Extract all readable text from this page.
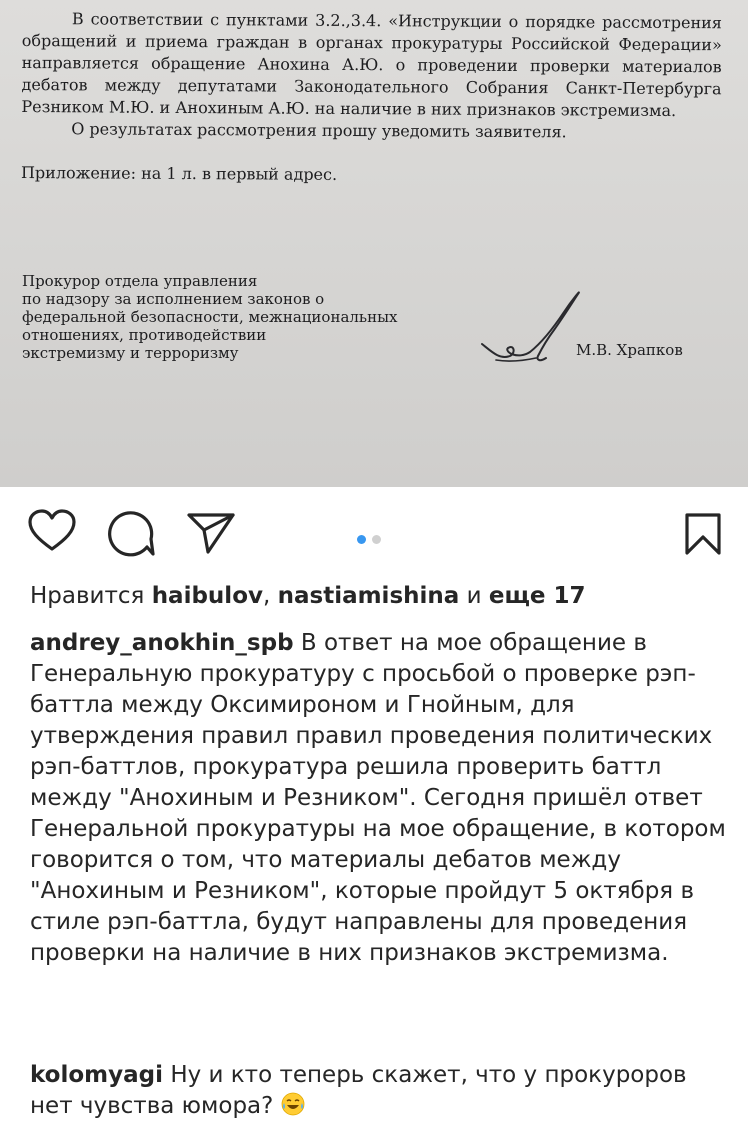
В соответствии с пунктами 3.2.,3.4. «Инструкции о порядке рассмотрения обращений и приема граждан в органах прокуратуры Российской Федерации» направляется обращение Анохина А.Ю. о проведении проверки материалов дебатов между депутатами Законодательного Собрания Санкт-Петербурга Резником М.Ю. и Анохиным А.Ю. на наличие в них признаков экстремизма.

О результатах рассмотрения прошу уведомить заявителя.
Приложение: на 1 л. в первый адрес.
Прокурор отдела управления
по надзору за исполнением законов о
федеральной безопасности, межнациональных
отношениях, противодействии
экстремизму и терроризму	М.В. Храпков
Нравится haibulov, nastiamishina и еще 17
andrey_anokhin_spb В ответ на мое обращение в Генеральную прокуратуру с просьбой о проверке рэп-баттла между Оксимироном и Гнойным, для утверждения правил правил проведения политических рэп-баттлов, прокуратура решила проверить баттл между "Анохиным и Резником". Сегодня пришёл ответ Генеральной прокуратуры на мое обращение, в котором говорится о том, что материалы дебатов между "Анохиным и Резником", которые пройдут 5 октября в стиле рэп-баттла, будут направлены для проведения проверки на наличие в них признаков экстремизма.
kolomyagi Ну и кто теперь скажет, что у прокуроров нет чувства юмора?
